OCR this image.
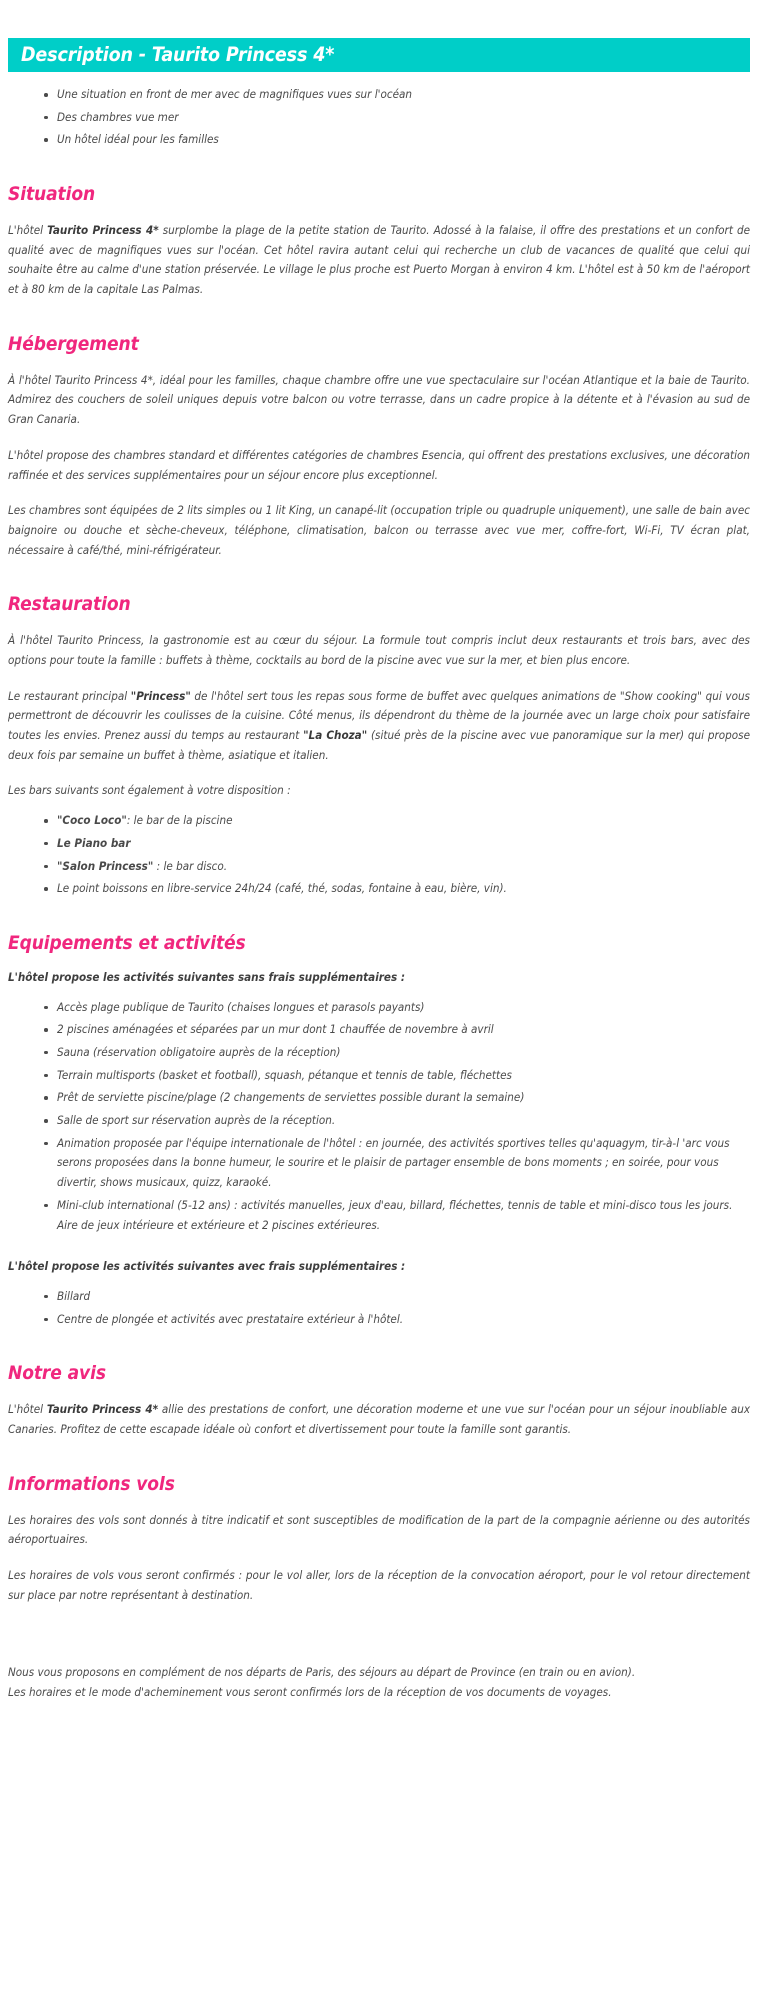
Description - Taurito Princess 4*
Une situation en front de mer avec de magnifiques vues sur l'océan
Des chambres vue mer
Un hôtel idéal pour les familles
Situation

L'hôtel Taurito Princess 4* surplombe la plage de la petite station de Taurito. Adossé à la falaise, il offre des prestations et un confort de qualité avec de magnifiques vues sur l'océan. Cet hôtel ravira autant celui qui recherche un club de vacances de qualité que celui qui souhaite être au calme d'une station préservée. Le village le plus proche est Puerto Morgan à environ 4 km. L'hôtel est à 50 km de l'aéroport et à 80 km de la capitale Las Palmas.

Hébergement

À l'hôtel Taurito Princess 4*, idéal pour les familles, chaque chambre offre une vue spectaculaire sur l'océan Atlantique et la baie de Taurito. Admirez des couchers de soleil uniques depuis votre balcon ou votre terrasse, dans un cadre propice à la détente et à l'évasion au sud de Gran Canaria.

L'hôtel propose des chambres standard et différentes catégories de chambres Esencia, qui offrent des prestations exclusives, une décoration raffinée et des services supplémentaires pour un séjour encore plus exceptionnel.

Les chambres sont équipées de 2 lits simples ou 1 lit King, un canapé-lit (occupation triple ou quadruple uniquement), une salle de bain avec baignoire ou douche et sèche-cheveux, téléphone, climatisation, balcon ou terrasse avec vue mer, coffre-fort, Wi-Fi, TV écran plat, nécessaire à café/thé, mini-réfrigérateur.

Restauration

À l'hôtel Taurito Princess, la gastronomie est au cœur du séjour. La formule tout compris inclut deux restaurants et trois bars, avec des options pour toute la famille : buffets à thème, cocktails au bord de la piscine avec vue sur la mer, et bien plus encore.

Le restaurant principal "Princess" de l'hôtel sert tous les repas sous forme de buffet avec quelques animations de "Show cooking" qui vous permettront de découvrir les coulisses de la cuisine. Côté menus, ils dépendront du thème de la journée avec un large choix pour satisfaire toutes les envies. Prenez aussi du temps au restaurant "La Choza" (situé près de la piscine avec vue panoramique sur la mer) qui propose deux fois par semaine un buffet à thème, asiatique et italien.

Les bars suivants sont également à votre disposition :

"Coco Loco": le bar de la piscine
Le Piano bar
"Salon Princess" : le bar disco.
Le point boissons en libre-service 24h/24 (café, thé, sodas, fontaine à eau, bière, vin).
Equipements et activités

L'hôtel propose les activités suivantes sans frais supplémentaires :

Accès plage publique de Taurito (chaises longues et parasols payants)
2 piscines aménagées et séparées par un mur dont 1 chauffée de novembre à avril
Sauna (réservation obligatoire auprès de la réception)
Terrain multisports (basket et football), squash, pétanque et tennis de table, fléchettes
Prêt de serviette piscine/plage (2 changements de serviettes possible durant la semaine)
Salle de sport sur réservation auprès de la réception.
Animation proposée par l'équipe internationale de l'hôtel : en journée, des activités sportives telles qu'aquagym, tir-à-l 'arc vous serons proposées dans la bonne humeur, le sourire et le plaisir de partager ensemble de bons moments ; en soirée, pour vous divertir, shows musicaux, quizz, karaoké.
Mini-club international (5-12 ans) : activités manuelles, jeux d'eau, billard, fléchettes, tennis de table et mini-disco tous les jours. Aire de jeux intérieure et extérieure et 2 piscines extérieures.

L'hôtel propose les activités suivantes avec frais supplémentaires :

Billard
Centre de plongée et activités avec prestataire extérieur à l'hôtel.
Notre avis

L'hôtel Taurito Princess 4* allie des prestations de confort, une décoration moderne et une vue sur l'océan pour un séjour inoubliable aux Canaries. Profitez de cette escapade idéale où confort et divertissement pour toute la famille sont garantis.

Informations vols

Les horaires des vols sont donnés à titre indicatif et sont susceptibles de modification de la part de la compagnie aérienne ou des autorités aéroportuaires.

Les horaires de vols vous seront confirmés : pour le vol aller, lors de la réception de la convocation aéroport, pour le vol retour directement sur place par notre représentant à destination.

Nous vous proposons en complément de nos départs de Paris, des séjours au départ de Province (en train ou en avion).

Les horaires et le mode d'acheminement vous seront confirmés lors de la réception de vos documents de voyages.
